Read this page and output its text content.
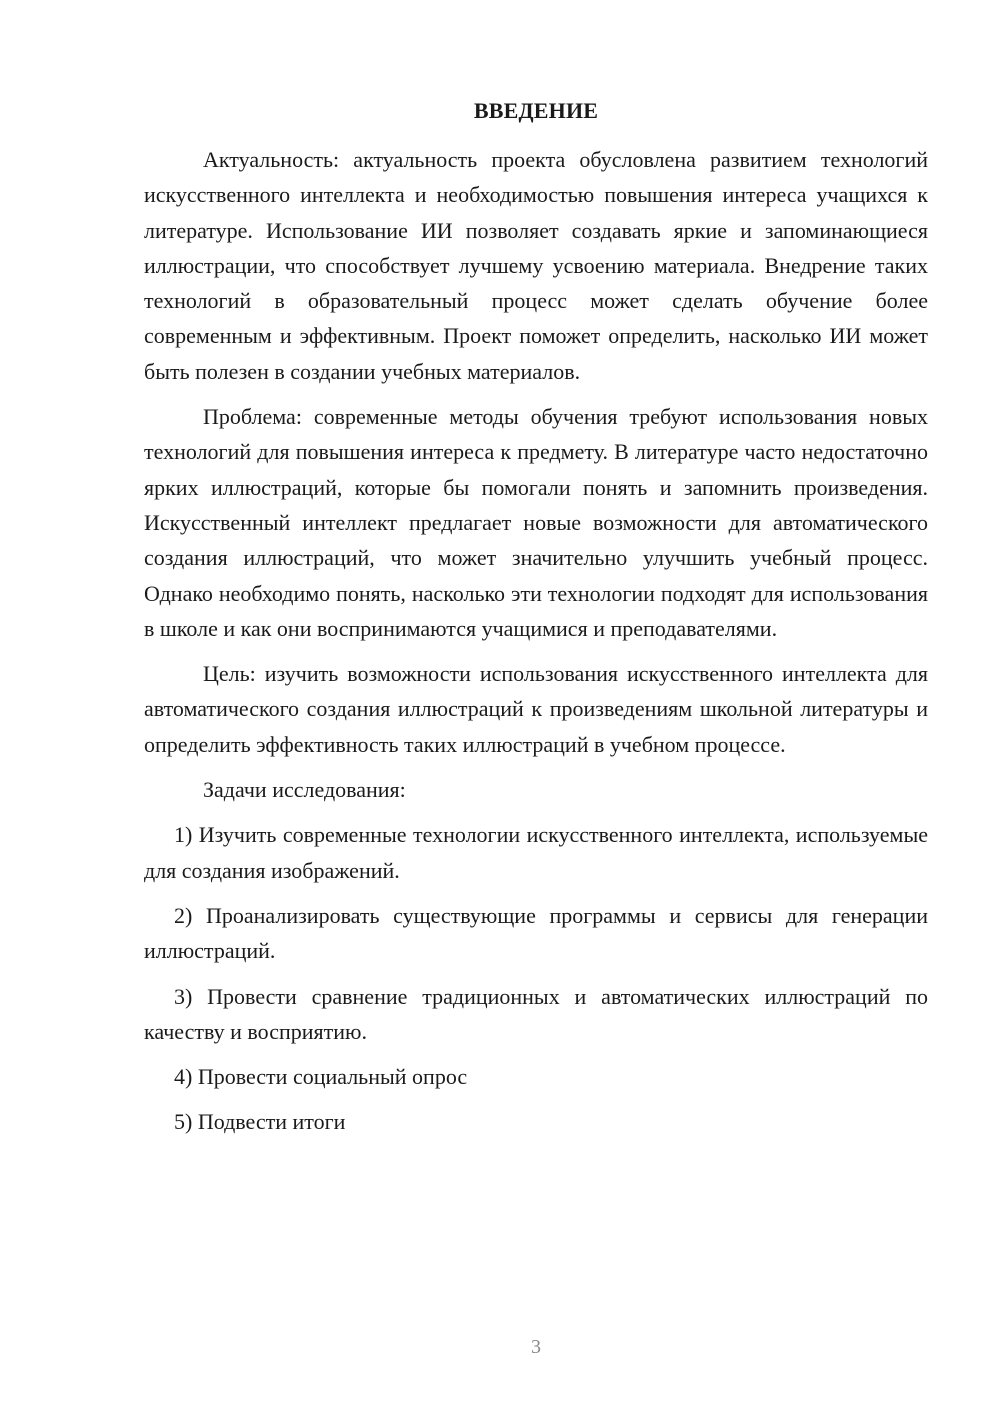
ВВЕДЕНИЕ

Актуальность: актуальность проекта обусловлена развитием технологий искусственного интеллекта и необходимостью повышения интереса учащихся к литературе. Использование ИИ позволяет создавать яркие и запоминающиеся иллюстрации, что способствует лучшему усвоению материала. Внедрение таких технологий в образовательный процесс может сделать обучение более современным и эффективным. Проект поможет определить, насколько ИИ может быть полезен в создании учебных материалов.

Проблема: современные методы обучения требуют использования новых технологий для повышения интереса к предмету. В литературе часто недостаточно ярких иллюстраций, которые бы помогали понять и запомнить произведения. Искусственный интеллект предлагает новые возможности для автоматического создания иллюстраций, что может значительно улучшить учебный процесс. Однако необходимо понять, насколько эти технологии подходят для использования в школе и как они воспринимаются учащимися и преподавателями.

Цель: изучить возможности использования искусственного интеллекта для автоматического создания иллюстраций к произведениям школьной литературы и определить эффективность таких иллюстраций в учебном процессе.

Задачи исследования:

1) Изучить современные технологии искусственного интеллекта, используемые для создания изображений.

2) Проанализировать существующие программы и сервисы для генерации иллюстраций.

3) Провести сравнение традиционных и автоматических иллюстраций по качеству и восприятию.

4) Провести социальный опрос

5) Подвести итоги

3
